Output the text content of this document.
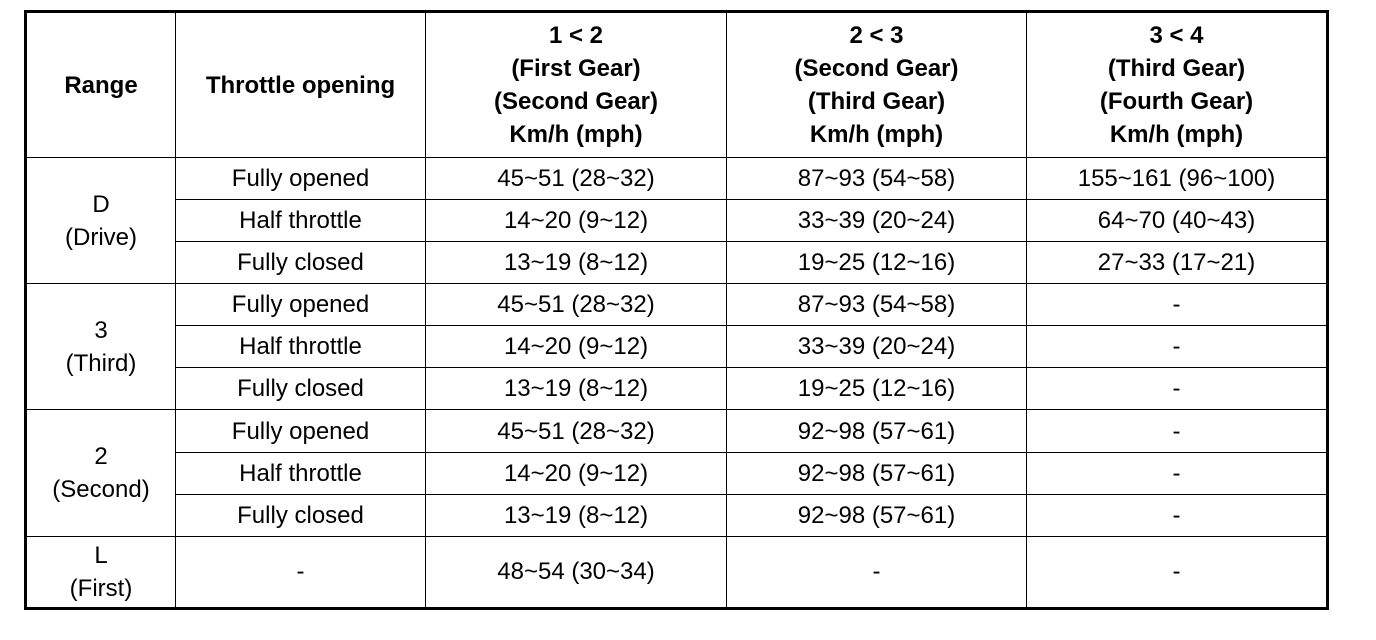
Range	Throttle opening	1 < 2
(First Gear)
(Second Gear)
Km/h (mph)	2 < 3
(Second Gear)
(Third Gear)
Km/h (mph)	3 < 4
(Third Gear)
(Fourth Gear)
Km/h (mph)

D
(Drive)	Fully opened	45~51 (28~32)	87~93 (54~58)	155~161 (96~100)
	Half throttle	14~20 (9~12)	33~39 (20~24)	64~70 (40~43)
	Fully closed	13~19 (8~12)	19~25 (12~16)	27~33 (17~21)

3
(Third)	Fully opened	45~51 (28~32)	87~93 (54~58)	-
	Half throttle	14~20 (9~12)	33~39 (20~24)	-
	Fully closed	13~19 (8~12)	19~25 (12~16)	-

2
(Second)	Fully opened	45~51 (28~32)	92~98 (57~61)	-
	Half throttle	14~20 (9~12)	92~98 (57~61)	-
	Fully closed	13~19 (8~12)	92~98 (57~61)	-

L
(First)	-	48~54 (30~34)	-	-
